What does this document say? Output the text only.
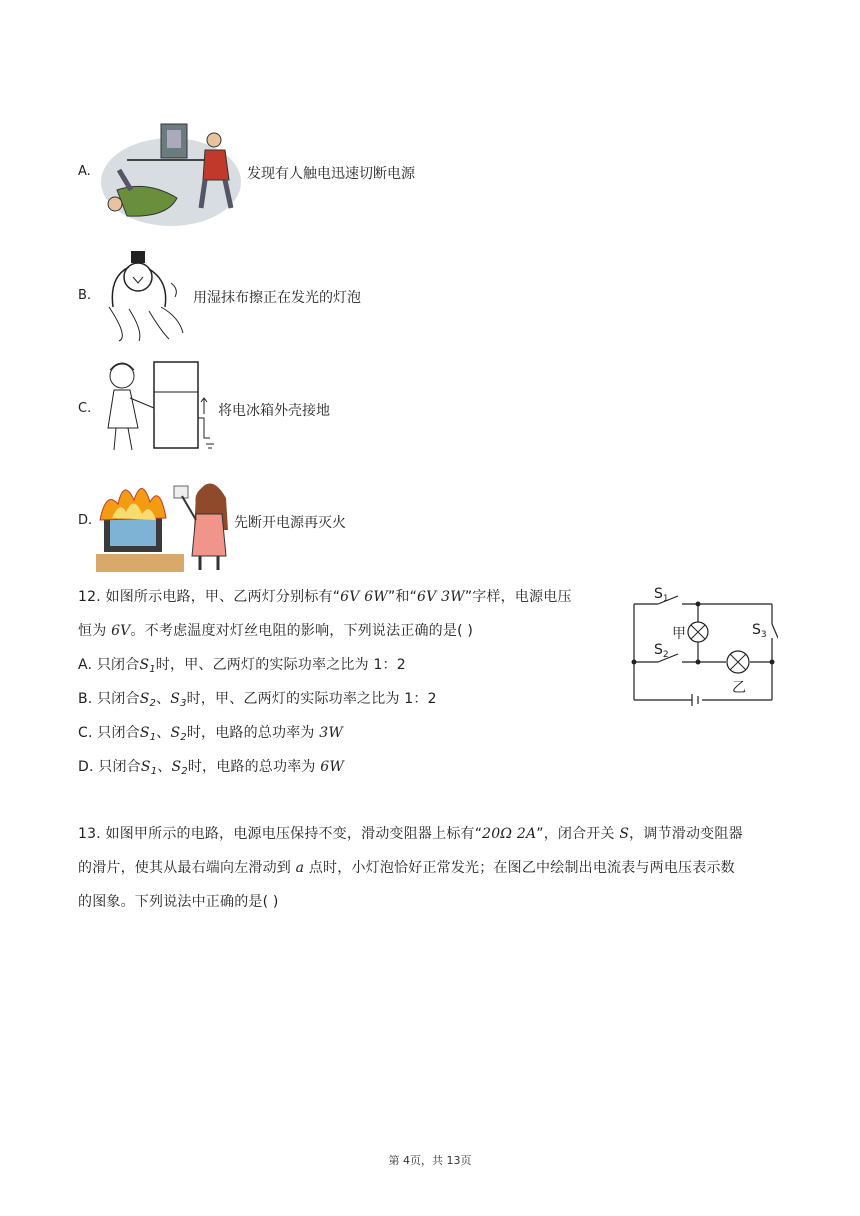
A.	发现有人触电迅速切断电源
B.	用湿抹布擦正在发光的灯泡
C.	将电冰箱外壳接地
D.	先断开电源再灭火
12. 如图所示电路，甲、乙两灯分别标有“6V 6W”和“6V 3W”字样，电源电压
恒为 6V。不考虑温度对灯丝电阻的影响，下列说法正确的是( )
A. 只闭合$S_1$时，甲、乙两灯的实际功率之比为 1：2
B. 只闭合$S_2$、$S_3$时，甲、乙两灯的实际功率之比为 1：2
C. 只闭合$S_1$、$S_2$时，电路的总功率为 3W
D. 只闭合$S_1$、$S_2$时，电路的总功率为 6W
$S_1$
$S_2$
$S_3$
甲
乙
13. 如图甲所示的电路，电源电压保持不变，滑动变阻器上标有“20Ω 2A”，闭合开关 S，调节滑动变阻器
的滑片，使其从最右端向左滑动到 a 点时，小灯泡恰好正常发光；在图乙中绘制出电流表与两电压表示数
的图象。下列说法中正确的是( )
第 4页，共 13页
